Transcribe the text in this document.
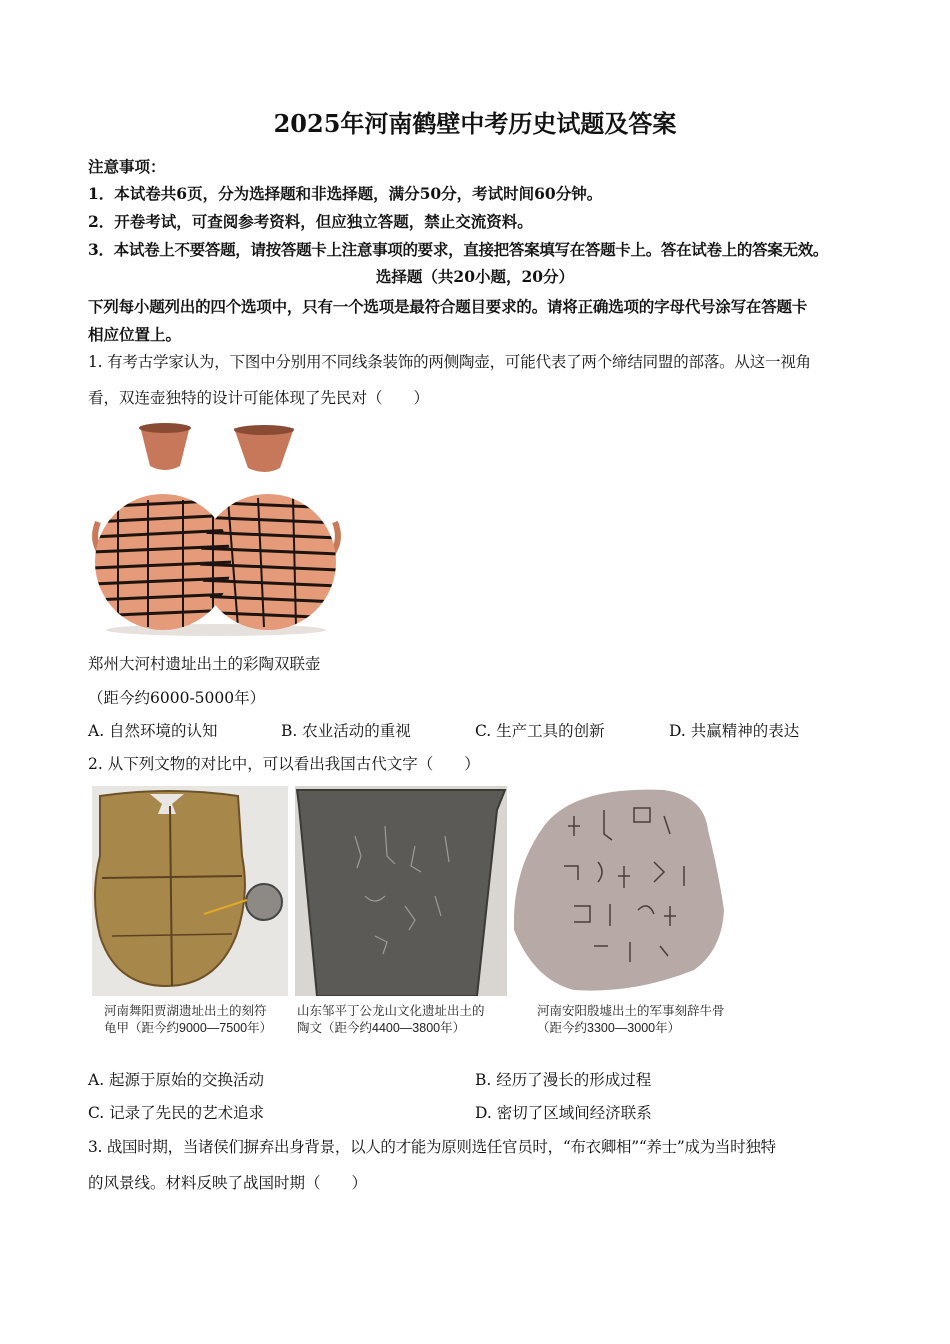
2025年河南鹤壁中考历史试题及答案
注意事项：
1．本试卷共6页，分为选择题和非选择题，满分50分，考试时间60分钟。
2．开卷考试，可查阅参考资料，但应独立答题，禁止交流资料。
3．本试卷上不要答题，请按答题卡上注意事项的要求，直接把答案填写在答题卡上。答在试卷上的答案无效。
选择题（共20小题，20分）
下列每小题列出的四个选项中，只有一个选项是最符合题目要求的。请将正确选项的字母代号涂写在答题卡
相应位置上。
1. 有考古学家认为，下图中分别用不同线条装饰的两侧陶壶，可能代表了两个缔结同盟的部落。从这一视角
看，双连壶独特的设计可能体现了先民对（　　）
郑州大河村遗址出土的彩陶双联壶
（距今约6000-5000年）
A. 自然环境的认知	B. 农业活动的重视	C. 生产工具的创新	D. 共赢精神的表达
2. 从下列文物的对比中，可以看出我国古代文字（　　）
河南舞阳贾湖遗址出土的刻符
龟甲（距今约9000—7500年）
山东邹平丁公龙山文化遗址出土的
陶文（距今约4400—3800年）
河南安阳殷墟出土的军事刻辞牛骨
（距今约3300—3000年）
A. 起源于原始的交换活动	B. 经历了漫长的形成过程
C. 记录了先民的艺术追求	D. 密切了区域间经济联系
3. 战国时期，当诸侯们摒弃出身背景，以人的才能为原则选任官员时，“布衣卿相”“养士”成为当时独特
的风景线。材料反映了战国时期（　　）
